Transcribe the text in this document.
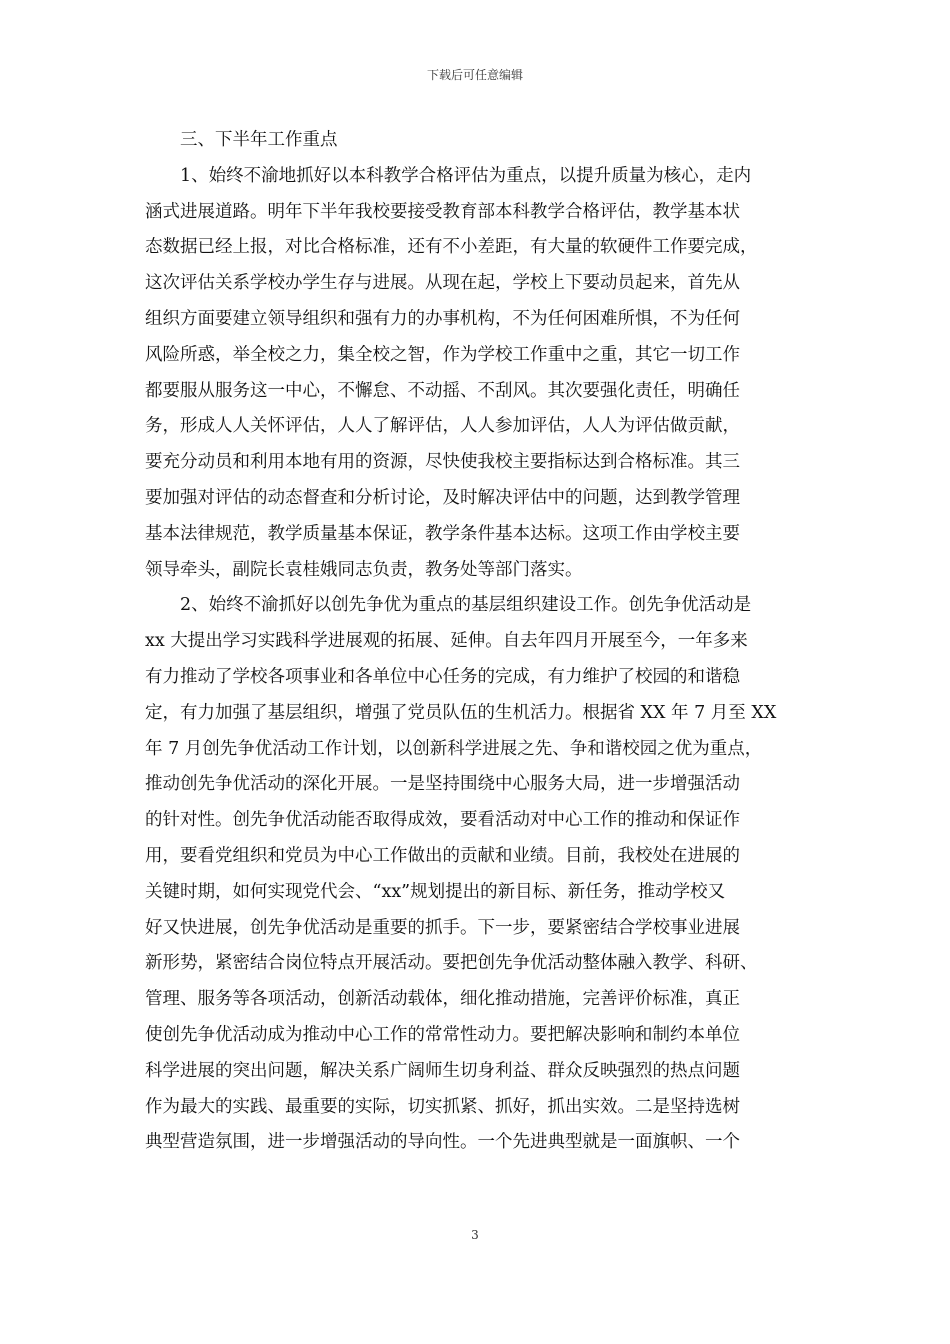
下载后可任意编辑
三、下半年工作重点
1、始终不渝地抓好以本科教学合格评估为重点，以提升质量为核心，走内
涵式进展道路。明年下半年我校要接受教育部本科教学合格评估，教学基本状
态数据已经上报，对比合格标准，还有不小差距，有大量的软硬件工作要完成，
这次评估关系学校办学生存与进展。从现在起，学校上下要动员起来，首先从
组织方面要建立领导组织和强有力的办事机构，不为任何困难所惧，不为任何
风险所惑，举全校之力，集全校之智，作为学校工作重中之重，其它一切工作
都要服从服务这一中心，不懈怠、不动摇、不刮风。其次要强化责任，明确任
务，形成人人关怀评估，人人了解评估，人人参加评估，人人为评估做贡献，
要充分动员和利用本地有用的资源，尽快使我校主要指标达到合格标准。其三
要加强对评估的动态督查和分析讨论，及时解决评估中的问题，达到教学管理
基本法律规范，教学质量基本保证，教学条件基本达标。这项工作由学校主要
领导牵头，副院长袁桂娥同志负责，教务处等部门落实。
2、始终不渝抓好以创先争优为重点的基层组织建设工作。创先争优活动是
xx 大提出学习实践科学进展观的拓展、延伸。自去年四月开展至今，一年多来
有力推动了学校各项事业和各单位中心任务的完成，有力维护了校园的和谐稳
定，有力加强了基层组织，增强了党员队伍的生机活力。根据省 XX 年 7 月至 XX
年 7 月创先争优活动工作计划，以创新科学进展之先、争和谐校园之优为重点，
推动创先争优活动的深化开展。一是坚持围绕中心服务大局，进一步增强活动
的针对性。创先争优活动能否取得成效，要看活动对中心工作的推动和保证作
用，要看党组织和党员为中心工作做出的贡献和业绩。目前，我校处在进展的
关键时期，如何实现党代会、“xx”规划提出的新目标、新任务，推动学校又
好又快进展，创先争优活动是重要的抓手。下一步，要紧密结合学校事业进展
新形势，紧密结合岗位特点开展活动。要把创先争优活动整体融入教学、科研、
管理、服务等各项活动，创新活动载体，细化推动措施，完善评价标准，真正
使创先争优活动成为推动中心工作的常常性动力。要把解决影响和制约本单位
科学进展的突出问题，解决关系广阔师生切身利益、群众反映强烈的热点问题
作为最大的实践、最重要的实际，切实抓紧、抓好，抓出实效。二是坚持选树
典型营造氛围，进一步增强活动的导向性。一个先进典型就是一面旗帜、一个
3
